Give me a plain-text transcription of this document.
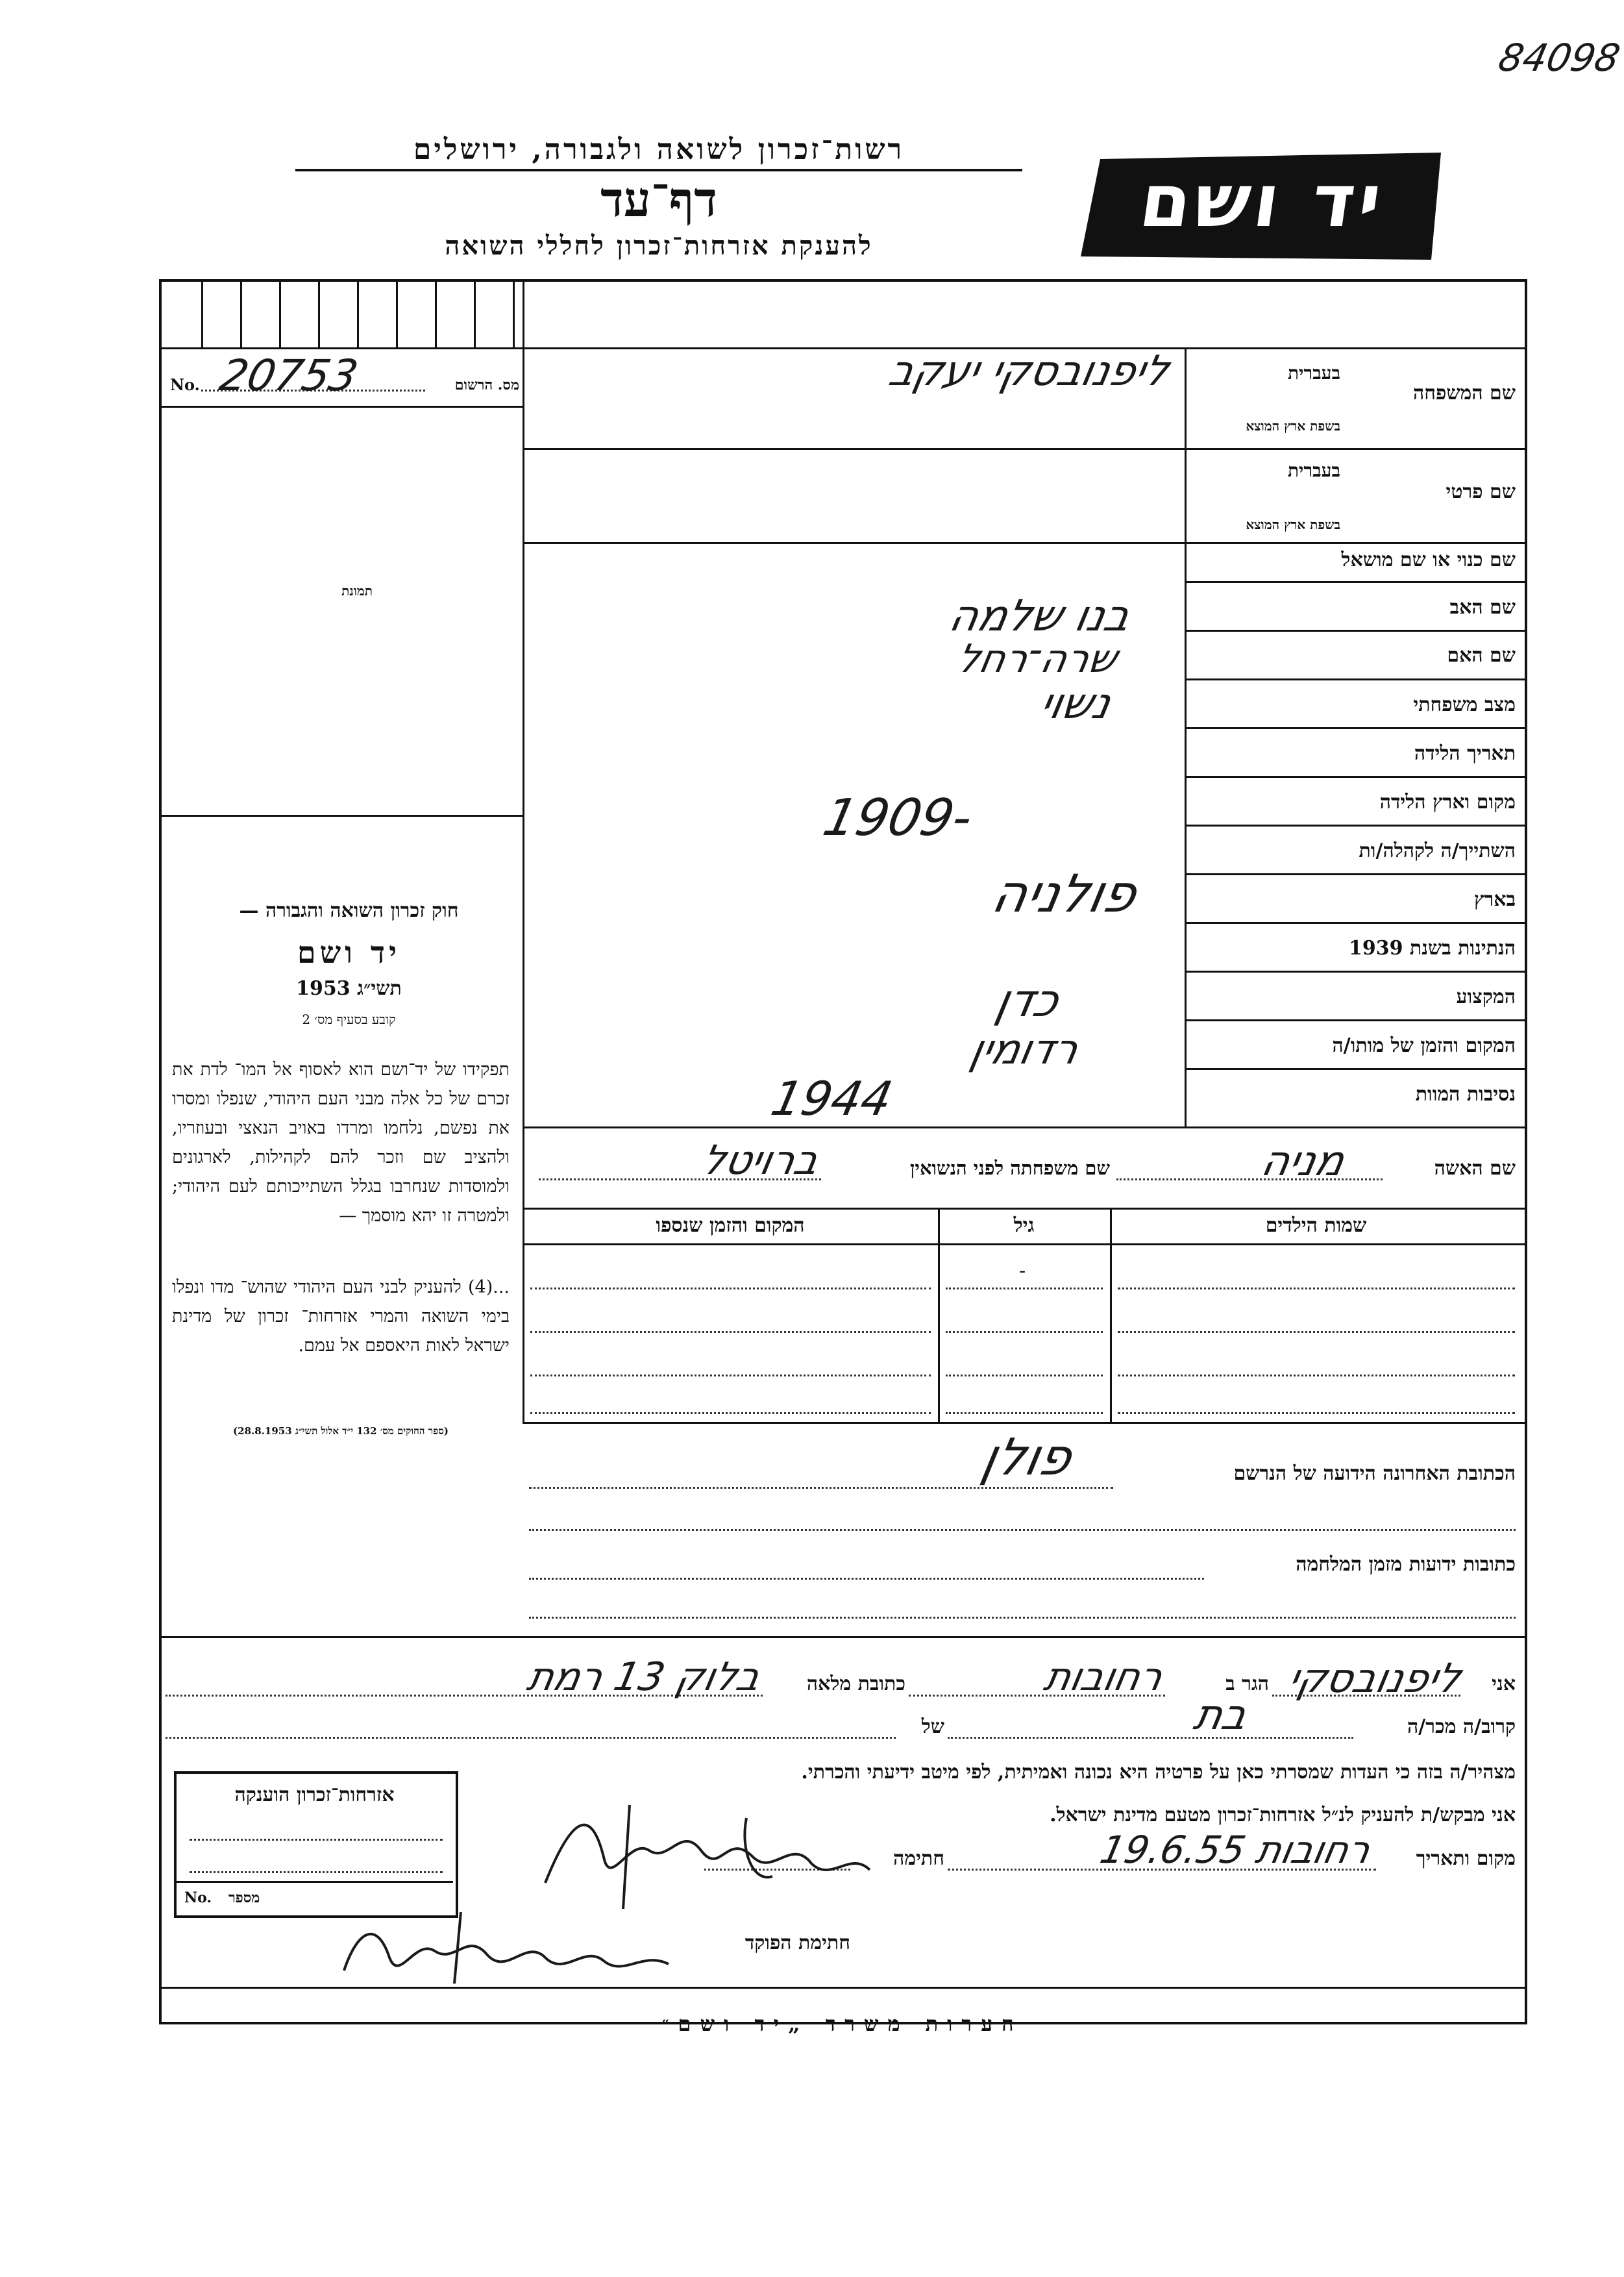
84098
רשות־זכרון לשואה ולגבורה, ירושלים
דף־עד
להענקת אזרחות־זכרון לחללי השואה
יד ושם
No. 20753	מס. הרשום
תמונת
חוק זכרון השואה והגבורה —
יד ושם
תשי״ג 1953
קובע בסעיף מס׳ 2
תפקידו של יד־ושם הוא לאסוף אל המו־ לדת את זכרם של כל אלה מבני העם היהודי, שנפלו ומסרו את נפשם, נלחמו ומרדו באויב הנאצי ובעוזריו, ולהציב שם וזכר להם לקהילות, לארגונים ולמוסדות שנחרבו בגלל השתייכותם לעם היהודי; ולמטרה זו יהא מוסמך —
...(4) להעניק לבני העם היהודי שהוש־ מדו ונפלו בימי השואה והמרי אזרחות־ זכרון של מדינת ישראל לאות היאספם אל עמם.
(ספר החוקים מס׳ 132 י״ד אלול תשי״ג 28.8.1953)
שם המשפחה
בעברית
בשפת ארץ המוצא
ליפנובסקי יעקב
שם פרטי
בעברית
בשפת ארץ המוצא
שם כנוי או שם מושאל
שם האב
בנו שלמה
שם האם
שרה־רחל
מצב משפחתי
נשוי
תאריך הלידה
מקום וארץ הלידה
1909-
השתייך/ה לקהלה/ות
בארץ
פולניה
הנתינות בשנת 1939
המקצוע
כדן
המקום והזמן של מותו/ה
רדומין
נסיבות המוות
1944
שם האשה
מניה
שם משפחתה לפני הנשואין
ברויטל
שמות הילדים
גיל
המקום והזמן שנספו
-
הכתובת האחרונה הידועה של הנרשם
פולן
כתובות ידועות מזמן המלחמה
אני
ליפנובסקי
הגר ב
רחובות
כתובת מלאה
בלוק 13 רמת
קרוב/ה מכר/ה
בת
של
מצהיר/ה בזה כי העדות שמסרתי כאן על פרטיה היא נכונה ואמיתית, לפי מיטב ידיעתי והכרתי.
אני מבקש/ת להעניק לנ״ל אזרחות־זכרון מטעם מדינת ישראל.
מקום ותאריך
רחובות 19.6.55
חתימה
חתימת הפוקד
אזרחות־זכרון הוענקה
No. מספר
הערות משרד „יד ושם״
